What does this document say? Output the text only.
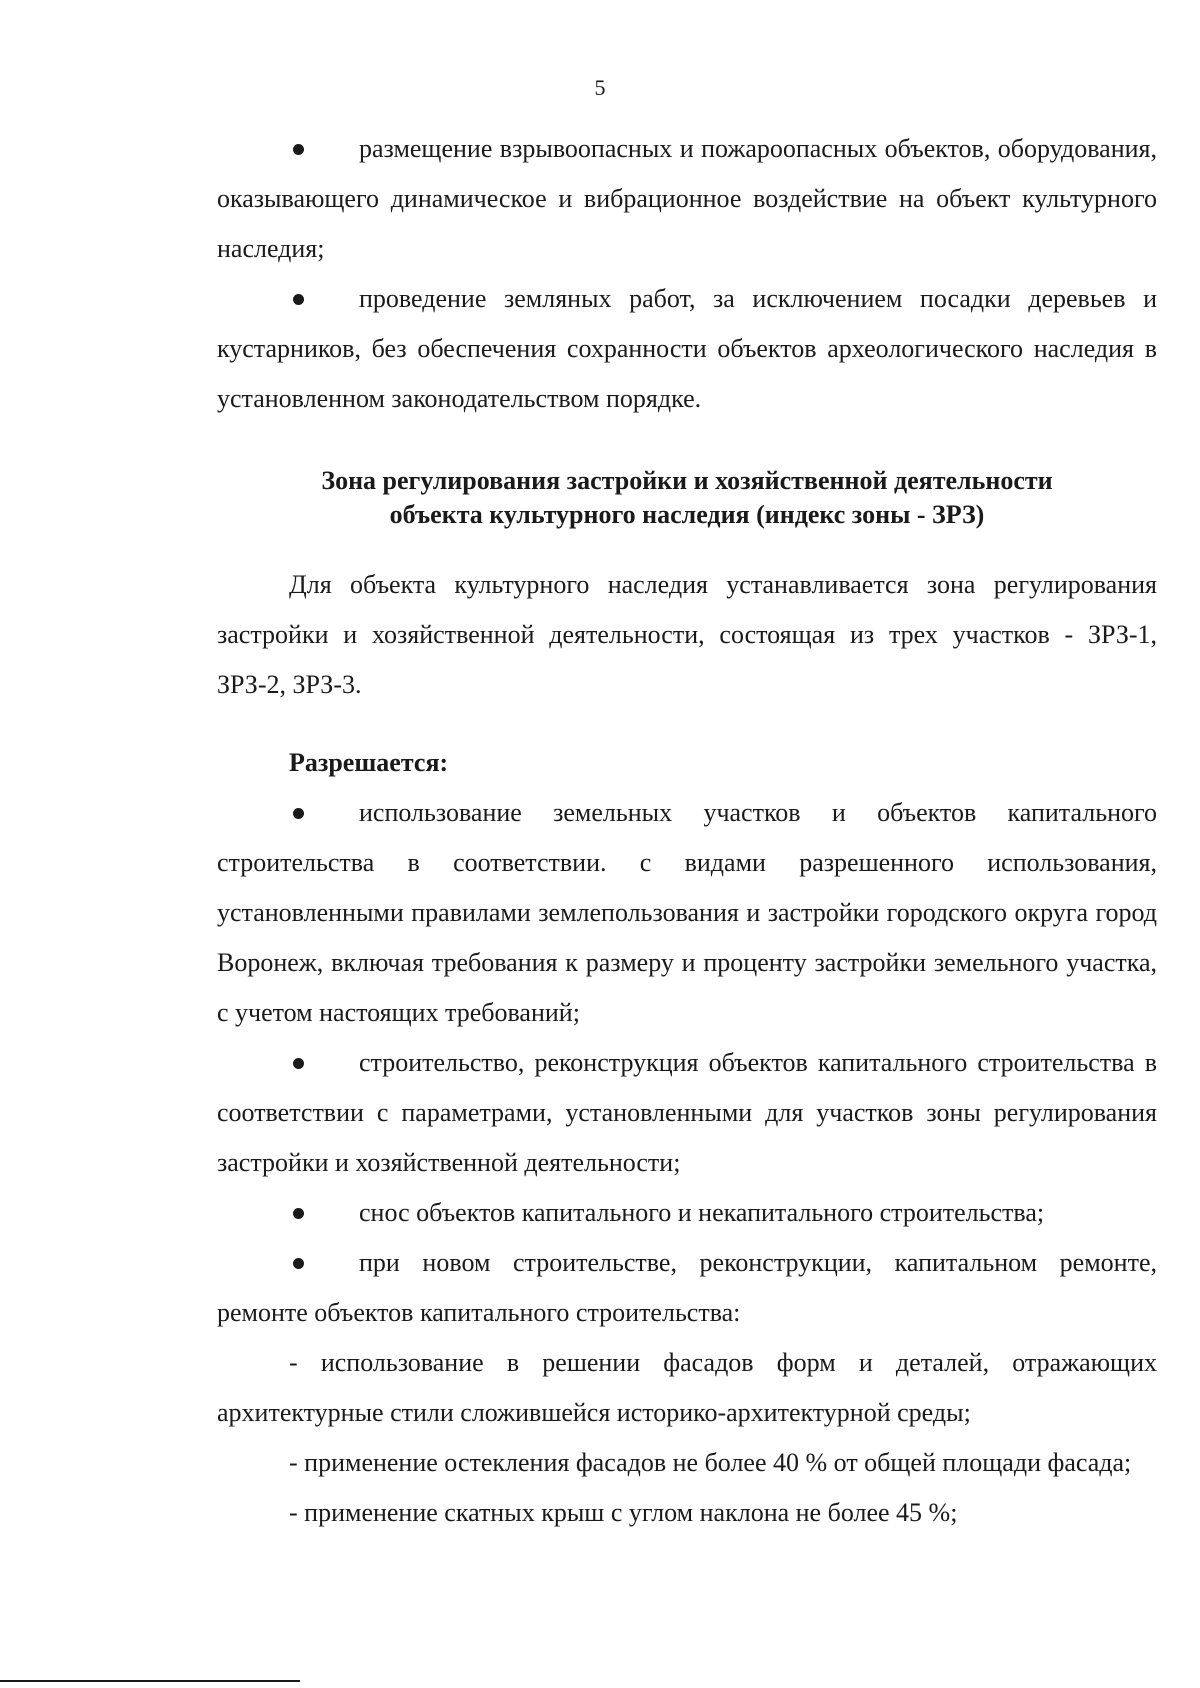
5

размещение взрывоопасных и пожароопасных объектов, оборудования, оказывающего динамическое и вибрационное воздействие на объект культурного наследия;

проведение земляных работ, за исключением посадки деревьев и кустарников, без обеспечения сохранности объектов археологического наследия в установленном законодательством порядке.

Зона регулирования застройки и хозяйственной деятельности

объекта культурного наследия (индекс зоны - ЗРЗ)

Для объекта культурного наследия устанавливается зона регулирования застройки и хозяйственной деятельности, состоящая из трех участков - ЗРЗ-1, ЗРЗ-2, ЗРЗ-3.

Разрешается:

использование земельных участков и объектов капитального строительства в соответствии. с видами разрешенного использования, установленными правилами землепользования и застройки городского округа город Воронеж, включая требования к размеру и проценту застройки земельного участка, с учетом настоящих требований;

строительство, реконструкция объектов капитального строительства в соответствии с параметрами, установленными для участков зоны регулирования застройки и хозяйственной деятельности;

снос объектов капитального и некапитального строительства;

при новом строительстве, реконструкции, капитальном ремонте, ремонте объектов капитального строительства:

- использование в решении фасадов форм и деталей, отражающих архитектурные стили сложившейся историко-архитектурной среды;

- применение остекления фасадов не более 40 % от общей площади фасада;

- применение скатных крыш с углом наклона не более 45 %;
